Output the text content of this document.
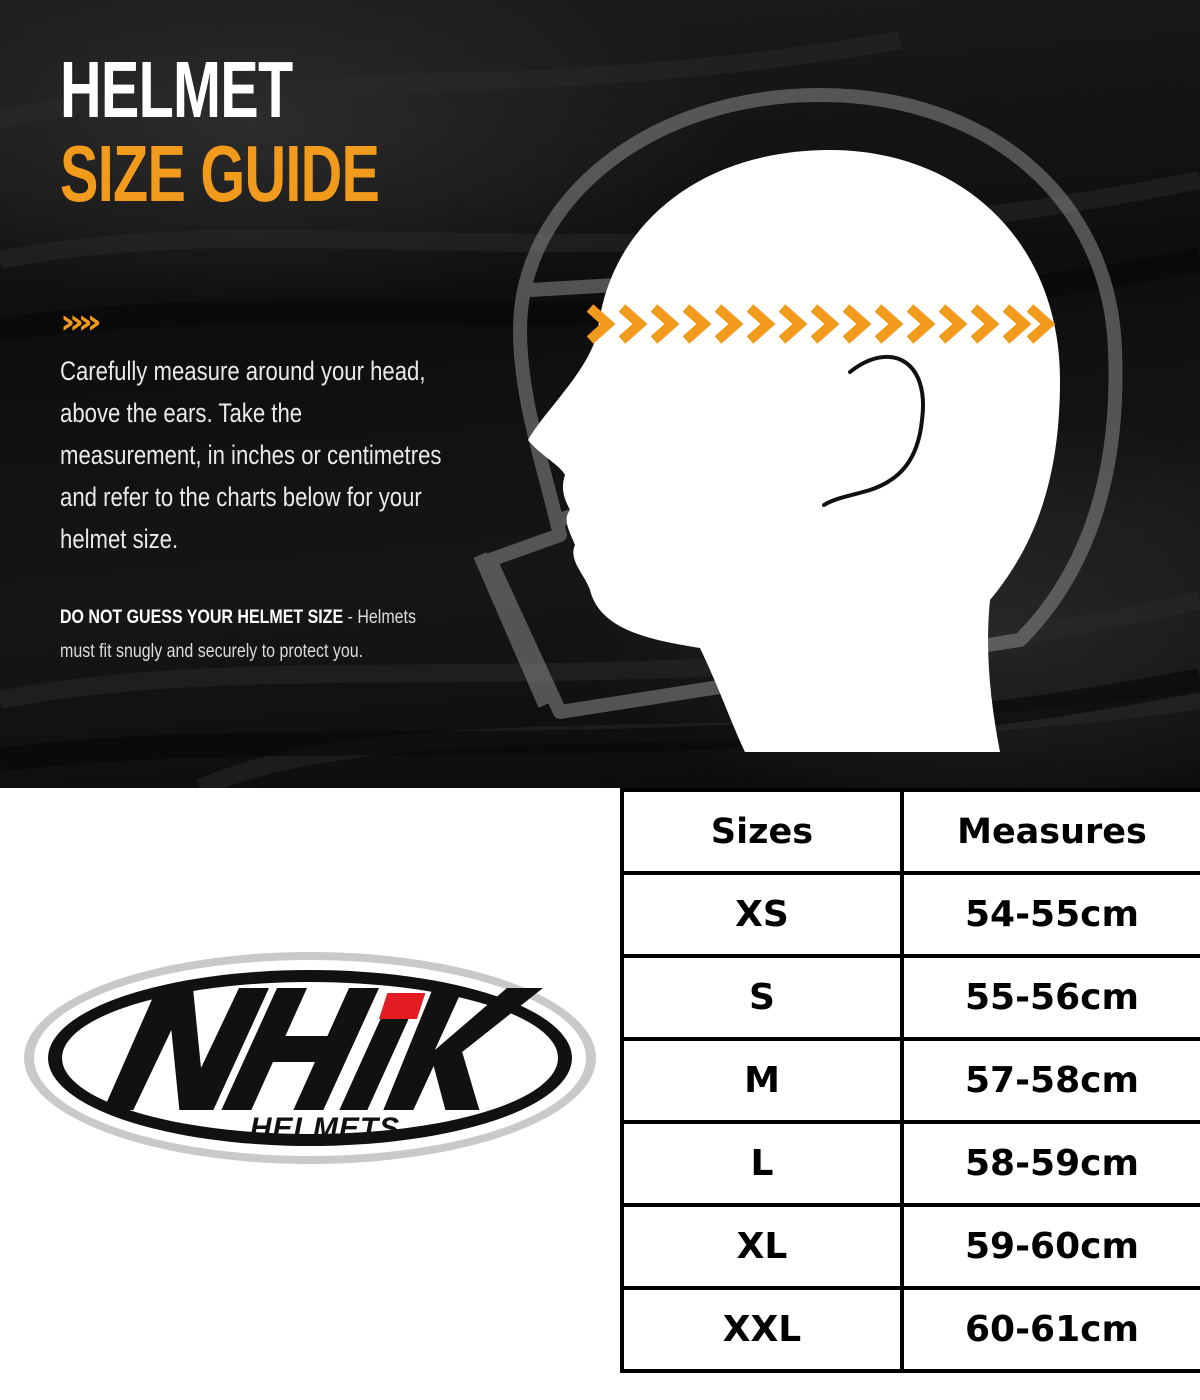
HELMET
SIZE GUIDE
››››

Carefully measure around your head, above the ears. Take the measurement, in inches or centimetres and refer to the charts below for your helmet size.

DO NOT GUESS YOUR HELMET SIZE - Helmets must fit snugly and securely to protect you.

HELMETS
Sizes	Measures
XS	54-55cm
S	55-56cm
M	57-58cm
L	58-59cm
XL	59-60cm
XXL	60-61cm
